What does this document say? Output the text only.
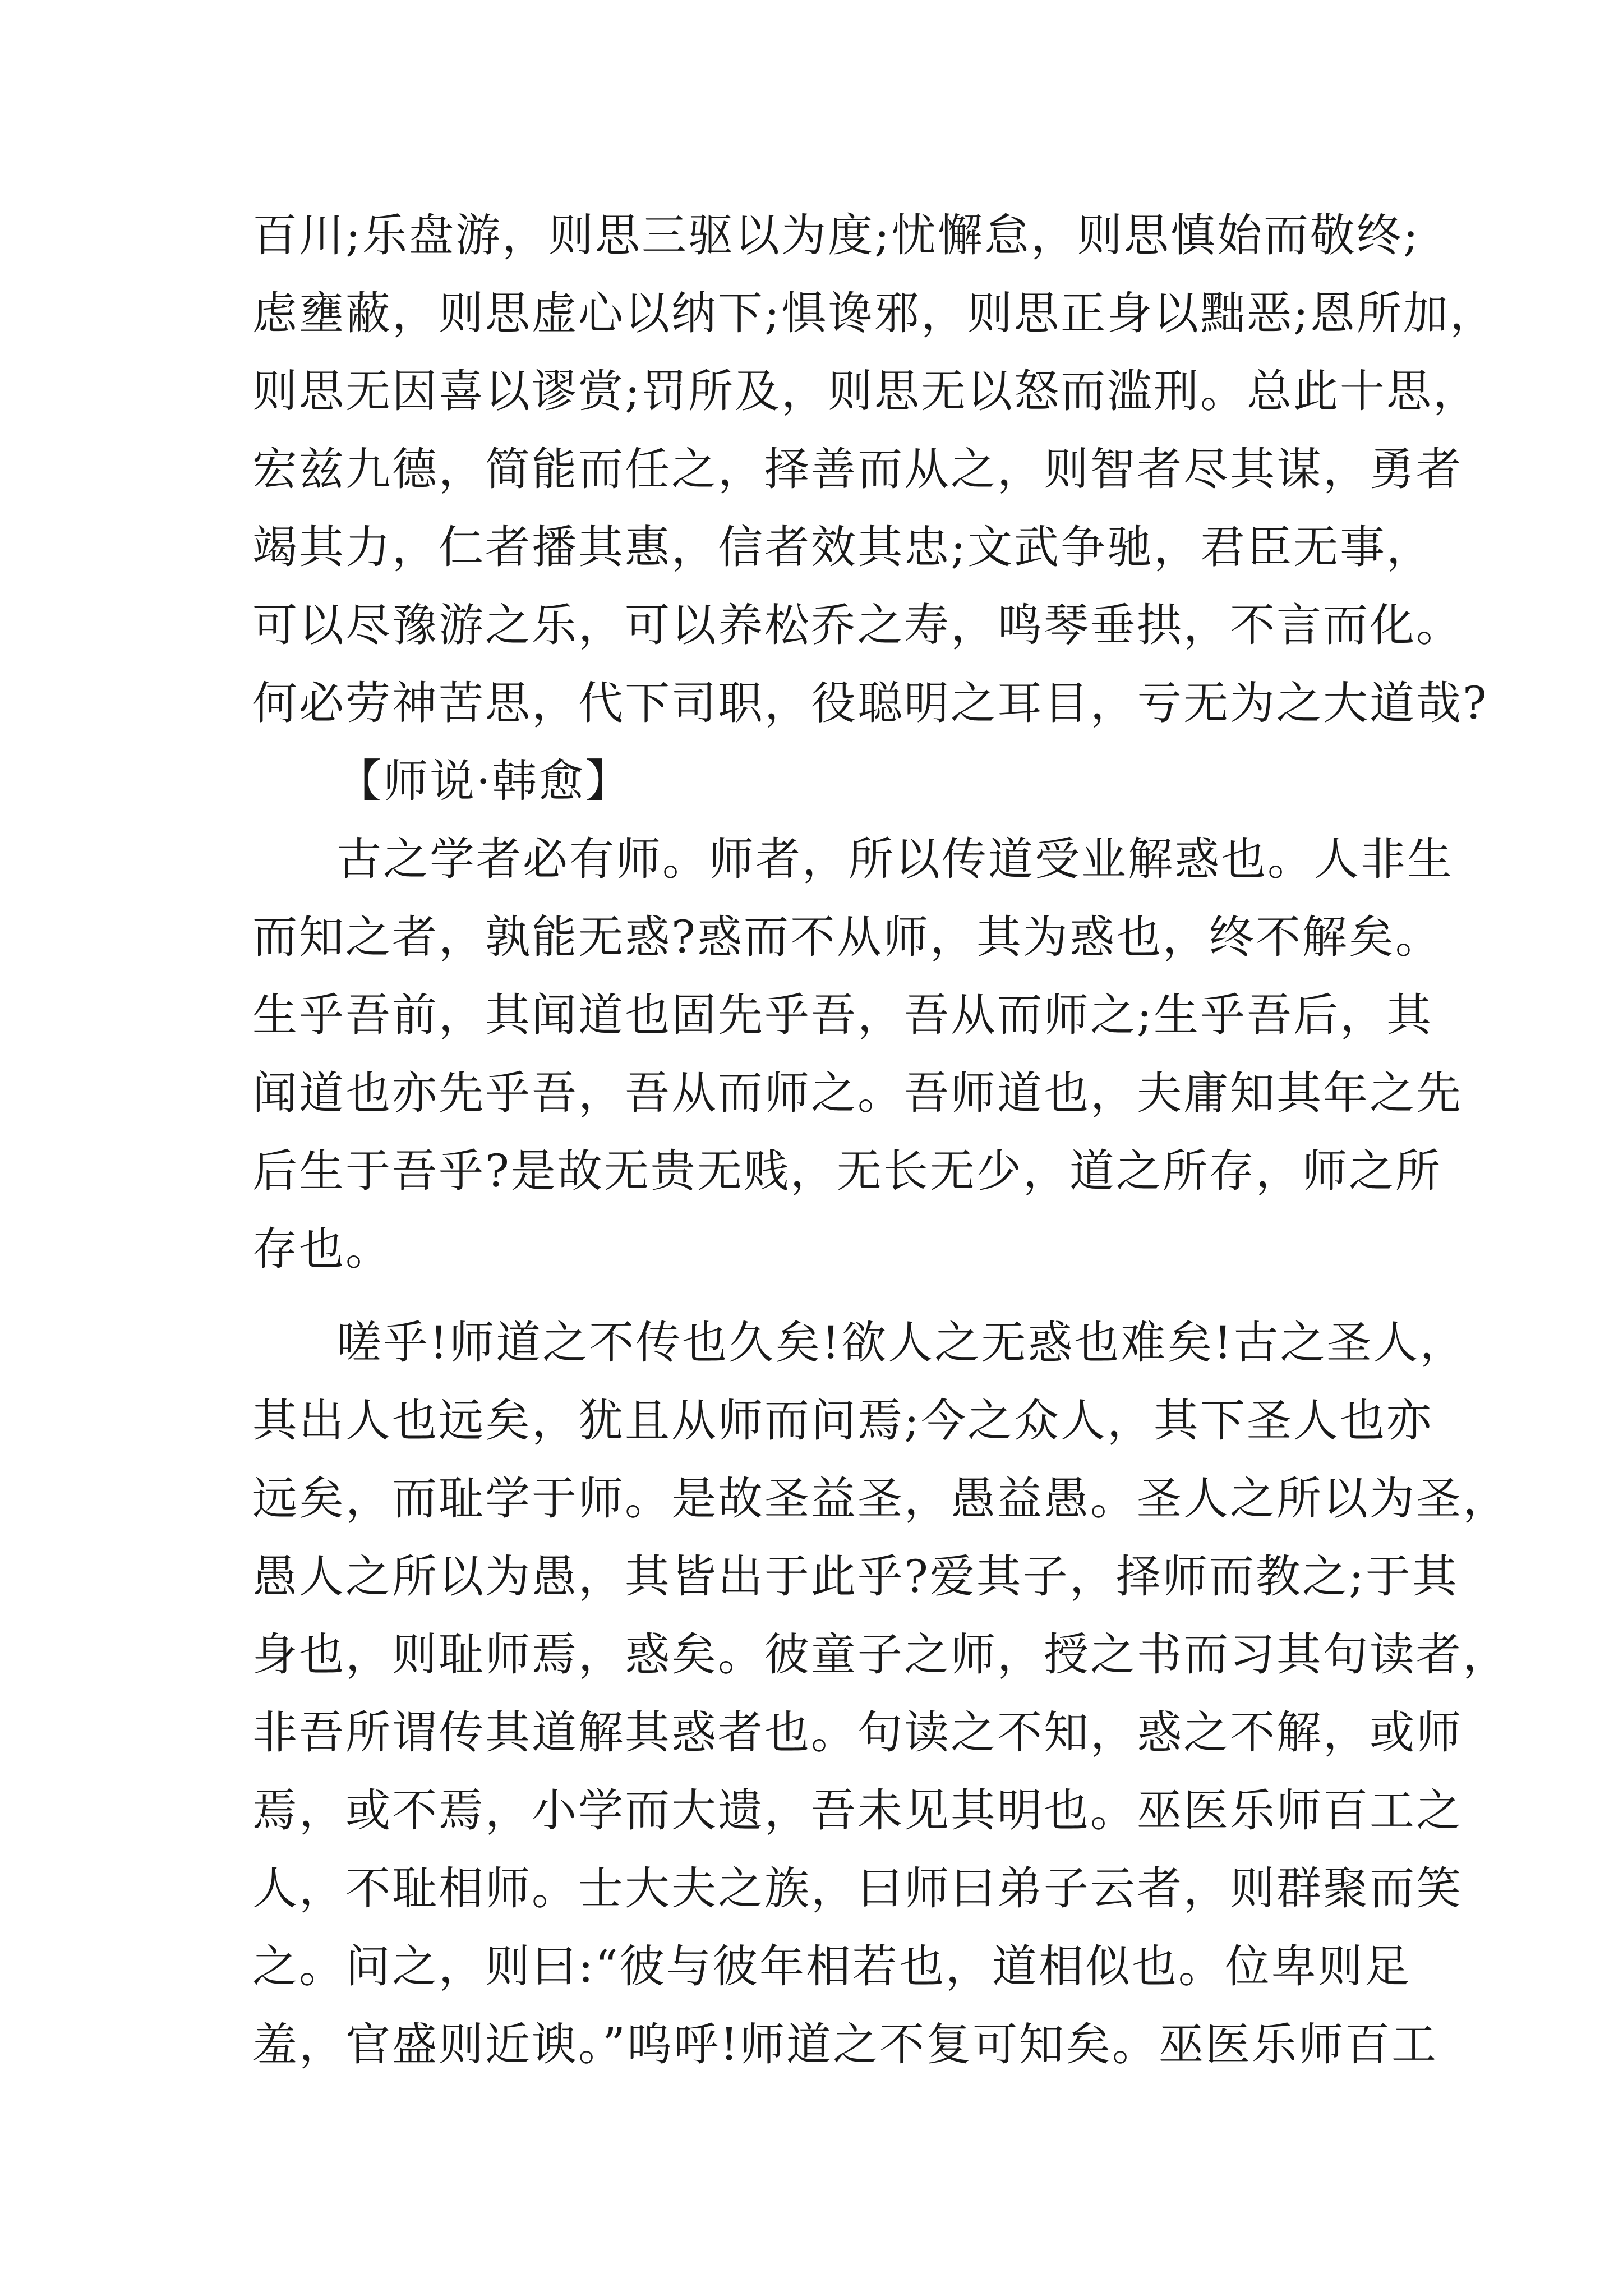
百川;乐盘游，则思三驱以为度;忧懈怠，则思慎始而敬终;
虑壅蔽，则思虚心以纳下;惧谗邪，则思正身以黜恶;恩所加，
则思无因喜以谬赏;罚所及，则思无以怒而滥刑。总此十思，
宏兹九德，简能而任之，择善而从之，则智者尽其谋，勇者
竭其力，仁者播其惠，信者效其忠;文武争驰，君臣无事，
可以尽豫游之乐，可以养松乔之寿，鸣琴垂拱，不言而化。
何必劳神苦思，代下司职，役聪明之耳目，亏无为之大道哉?
【师说·韩愈】
古之学者必有师。师者，所以传道受业解惑也。人非生
而知之者，孰能无惑?惑而不从师，其为惑也，终不解矣。
生乎吾前，其闻道也固先乎吾，吾从而师之;生乎吾后，其
闻道也亦先乎吾，吾从而师之。吾师道也，夫庸知其年之先
后生于吾乎?是故无贵无贱，无长无少，道之所存，师之所
存也。
嗟乎!师道之不传也久矣!欲人之无惑也难矣!古之圣人，
其出人也远矣，犹且从师而问焉;今之众人，其下圣人也亦
远矣，而耻学于师。是故圣益圣，愚益愚。圣人之所以为圣，
愚人之所以为愚，其皆出于此乎?爱其子，择师而教之;于其
身也，则耻师焉，惑矣。彼童子之师，授之书而习其句读者，
非吾所谓传其道解其惑者也。句读之不知，惑之不解，或师
焉，或不焉，小学而大遗，吾未见其明也。巫医乐师百工之
人，不耻相师。士大夫之族，曰师曰弟子云者，则群聚而笑
之。问之，则曰:“彼与彼年相若也，道相似也。位卑则足
羞，官盛则近谀。”呜呼!师道之不复可知矣。巫医乐师百工
